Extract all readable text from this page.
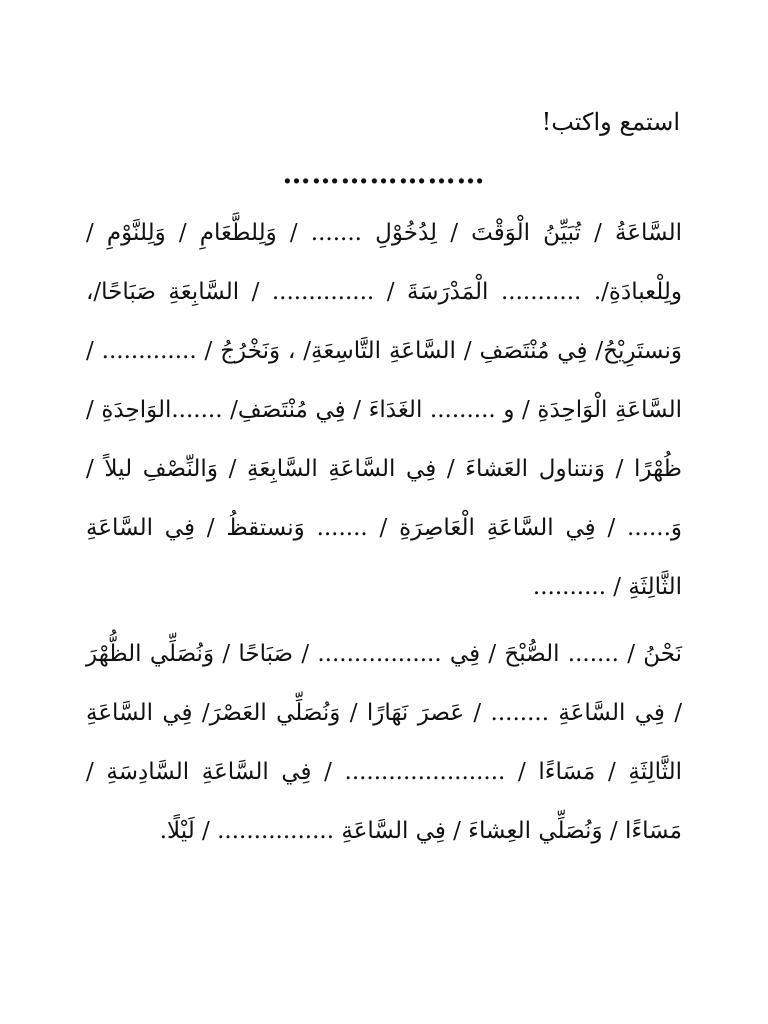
استمع واكتب!

…………………

السَّاعَةُ / تُبَيِّنُ الْوَقْتَ / لِدُخُوْلِ ....... / وَلِلطَّعَامِ / وَلِلنَّوْمِ / ولِلْعبادَةِ/. ........... الْمَدْرَسَةَ / .............. / السَّابِعَةِ صَبَاحًا/، وَنستَرِيْحُ/ فِي مُنْتَصَفِ / السَّاعَةِ التَّاسِعَةِ/ ، وَنَخْرُجُ / ............. / السَّاعَةِ الْوَاحِدَةِ / و ......... الغَدَاءَ / فِي مُنْتَصَفِ/ .......الوَاحِدَةِ / ظُهْرًا / وَنتناول العَشاءَ / فِي السَّاعَةِ السَّابِعَةِ / وَالنِّصْفِ ليلاً / وَ...... / فِي السَّاعَةِ الْعَاصِرَةِ / ....... وَنستقظُ / فِي السَّاعَةِ الثَّالِثَةِ / ..........

نَحْنُ / ....... الصُّبْحَ / فِي ................. / صَبَاحًا / وَنُصَلِّي الظُّهْرَ / فِي السَّاعَةِ ........ / عَصرَ نَهَارًا / وَنُصَلِّي العَصْرَ/ فِي السَّاعَةِ الثَّالِثَةِ / مَسَاءًا / ...................... / فِي السَّاعَةِ السَّادِسَةِ / مَسَاءًا / وَنُصَلِّي العِشاءَ / فِي السَّاعَةِ ................ / لَيْلًا.
